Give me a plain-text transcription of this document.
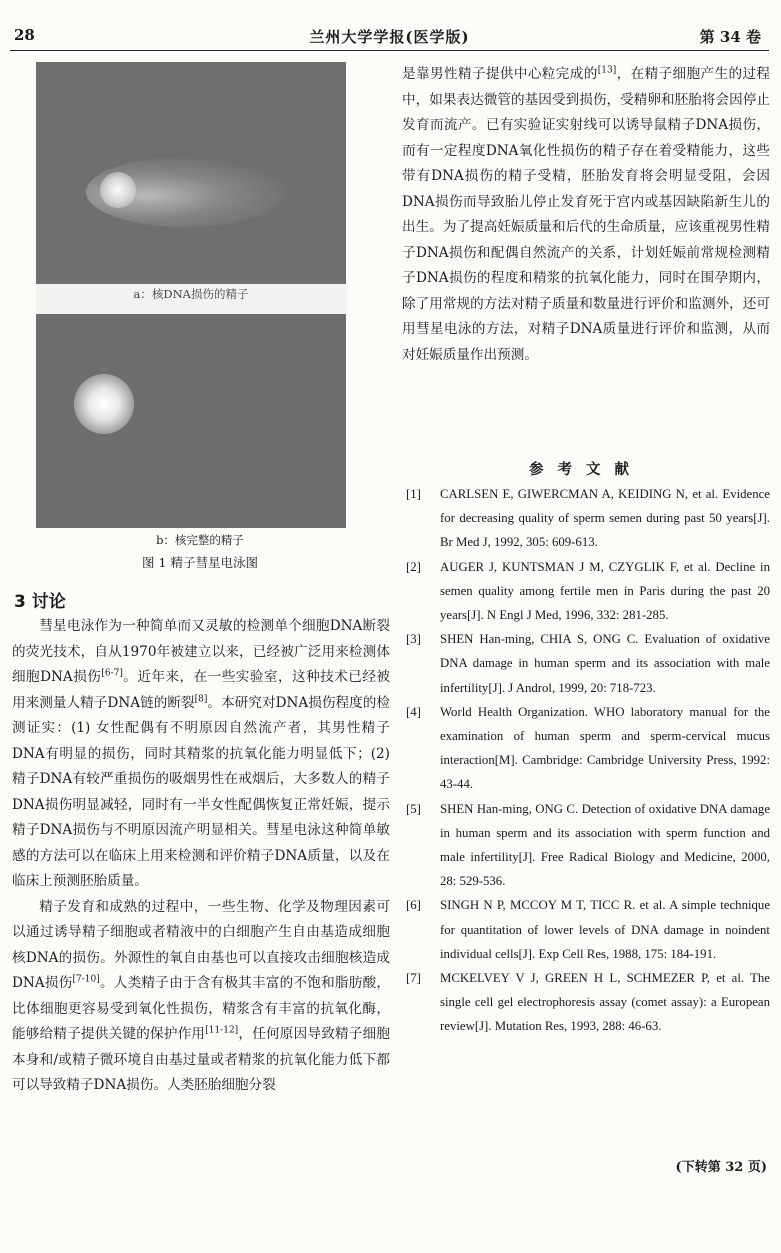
28	兰州大学学报(医学版)	第 34 卷
a：核DNA损伤的精子
b：核完整的精子
图 1 精子彗星电泳图
3 讨论

彗星电泳作为一种简单而又灵敏的检测单个细胞DNA断裂的荧光技术，自从1970年被建立以来，已经被广泛用来检测体细胞DNA损伤[6-7]。近年来，在一些实验室，这种技术已经被用来测量人精子DNA链的断裂[8]。本研究对DNA损伤程度的检测证实：(1) 女性配偶有不明原因自然流产者，其男性精子DNA有明显的损伤，同时其精浆的抗氧化能力明显低下；(2) 精子DNA有较严重损伤的吸烟男性在戒烟后，大多数人的精子DNA损伤明显减轻，同时有一半女性配偶恢复正常妊娠，提示精子DNA损伤与不明原因流产明显相关。彗星电泳这种简单敏感的方法可以在临床上用来检测和评价精子DNA质量，以及在临床上预测胚胎质量。

精子发育和成熟的过程中，一些生物、化学及物理因素可以通过诱导精子细胞或者精液中的白细胞产生自由基造成细胞核DNA的损伤。外源性的氧自由基也可以直接攻击细胞核造成DNA损伤[7-10]。人类精子由于含有极其丰富的不饱和脂肪酸，比体细胞更容易受到氧化性损伤，精浆含有丰富的抗氧化酶，能够给精子提供关键的保护作用[11-12]，任何原因导致精子细胞本身和/或精子微环境自由基过量或者精浆的抗氧化能力低下都可以导致精子DNA损伤。人类胚胎细胞分裂

是靠男性精子提供中心粒完成的[13]，在精子细胞产生的过程中，如果表达微管的基因受到损伤，受精卵和胚胎将会因停止发育而流产。已有实验证实射线可以诱导鼠精子DNA损伤，而有一定程度DNA氧化性损伤的精子存在着受精能力，这些带有DNA损伤的精子受精，胚胎发育将会明显受阻，会因DNA损伤而导致胎儿停止发育死于宫内或基因缺陷新生儿的出生。为了提高妊娠质量和后代的生命质量，应该重视男性精子DNA损伤和配偶自然流产的关系，计划妊娠前常规检测精子DNA损伤的程度和精浆的抗氧化能力，同时在围孕期内，除了用常规的方法对精子质量和数量进行评价和监测外，还可用彗星电泳的方法，对精子DNA质量进行评价和监测，从而对妊娠质量作出预测。

参考文献

[1] CARLSEN E, GIWERCMAN A, KEIDING N, et al. Evidence for decreasing quality of sperm semen during past 50 years[J]. Br Med J, 1992, 305: 609-613.

[2] AUGER J, KUNTSMAN J M, CZYGLIK F, et al. Decline in semen quality among fertile men in Paris during the past 20 years[J]. N Engl J Med, 1996, 332: 281-285.

[3] SHEN Han-ming, CHIA S, ONG C. Evaluation of oxidative DNA damage in human sperm and its association with male infertility[J]. J Androl, 1999, 20: 718-723.

[4] World Health Organization. WHO laboratory manual for the examination of human sperm and sperm-cervical mucus interaction[M]. Cambridge: Cambridge University Press, 1992: 43-44.

[5] SHEN Han-ming, ONG C. Detection of oxidative DNA damage in human sperm and its association with sperm function and male infertility[J]. Free Radical Biology and Medicine, 2000, 28: 529-536.

[6] SINGH N P, MCCOY M T, TICC R. et al. A simple technique for quantitation of lower levels of DNA damage in noindent individual cells[J]. Exp Cell Res, 1988, 175: 184-191.

[7] MCKELVEY V J, GREEN H L, SCHMEZER P, et al. The single cell gel electrophoresis assay (comet assay): a European review[J]. Mutation Res, 1993, 288: 46-63.

(下转第 32 页)
